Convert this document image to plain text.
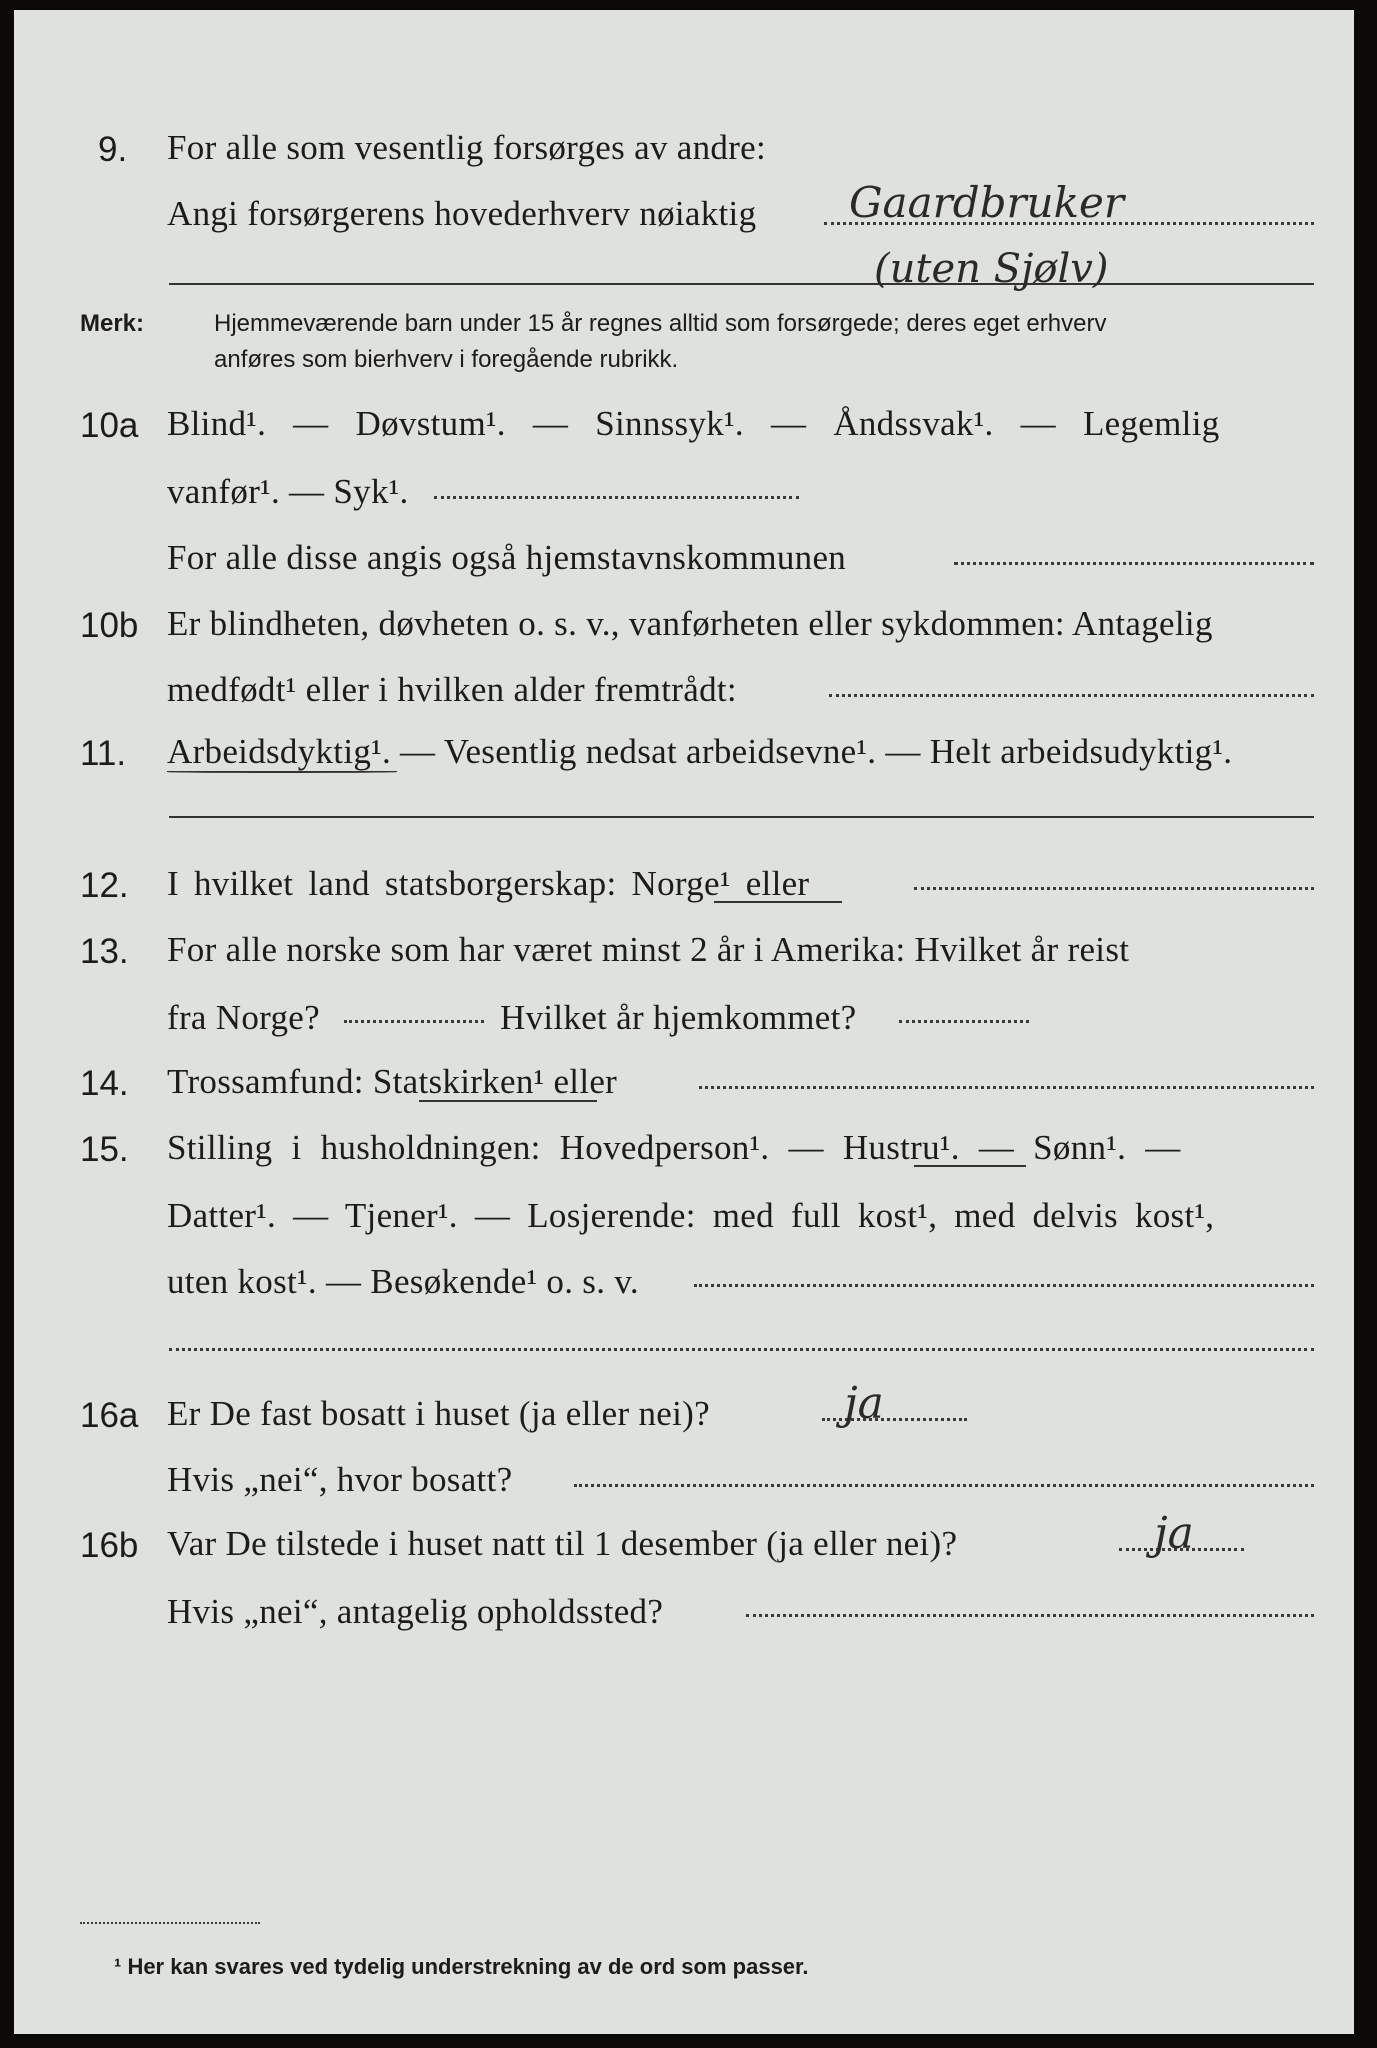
9. For alle som vesentlig forsørges av andre:
Angi forsørgerens hovederhverv nøiaktig Gaardbruker
(uten Sjølv)
Merk:	Hjemmeværende barn under 15 år regnes alltid som forsørgede; deres eget erhverv
anføres som bierhverv i foregående rubrikk.
10a Blind¹. — Døvstum¹. — Sinnssyk¹. — Åndssvak¹. — Legemlig
vanfør¹. — Syk¹.
For alle disse angis også hjemstavnskommunen
10b Er blindheten, døvheten o. s. v., vanførheten eller sykdommen: Antagelig
medfødt¹ eller i hvilken alder fremtrådt:
11. Arbeidsdyktig¹. — Vesentlig nedsat arbeidsevne¹. — Helt arbeidsudyktig¹.
12. I hvilket land statsborgerskap: Norge¹ eller
13. For alle norske som har været minst 2 år i Amerika: Hvilket år reist
fra Norge?	Hvilket år hjemkommet?
14. Trossamfund: Statskirken¹ eller
15. Stilling i husholdningen: Hovedperson¹. — Hustru¹. — Sønn¹. —
Datter¹. — Tjener¹. — Losjerende: med full kost¹, med delvis kost¹,
uten kost¹. — Besøkende¹ o. s. v.
16a Er De fast bosatt i huset (ja eller nei)?	ja
Hvis „nei“, hvor bosatt?
16b Var De tilstede i huset natt til 1 desember (ja eller nei)?	ja
Hvis „nei“, antagelig opholdssted?
¹ Her kan svares ved tydelig understrekning av de ord som passer.
